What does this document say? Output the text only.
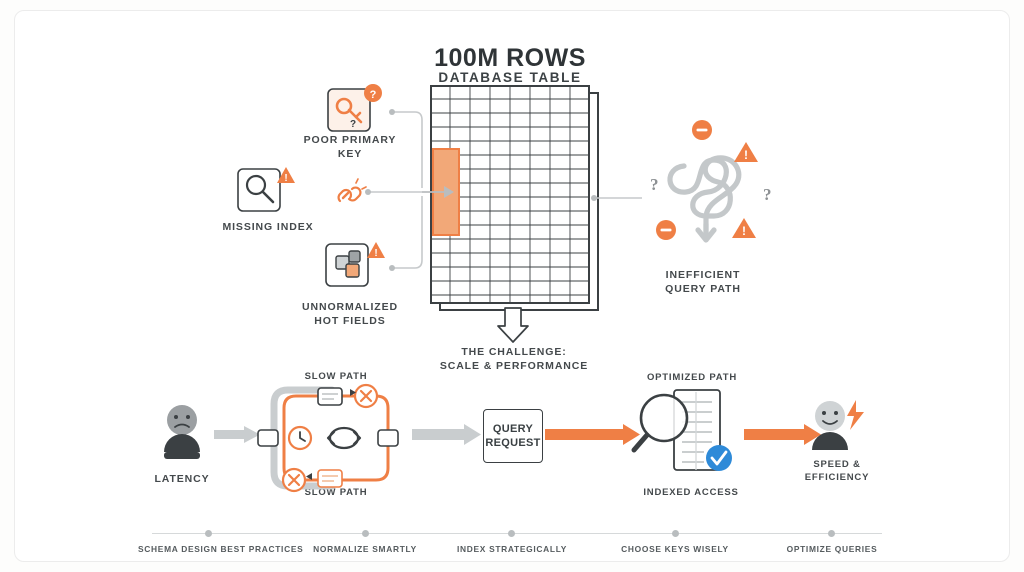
100M ROWS
DATABASE TABLE
?
?
POOR PRIMARY
KEY
!
MISSING INDEX
!
UNNORMALIZED
HOT FIELDS
!
!
?
?
INEFFICIENT
QUERY PATH
THE CHALLENGE:
SCALE & PERFORMANCE
LATENCY
SLOW PATH
SLOW PATH
QUERY
REQUEST
OPTIMIZED PATH
INDEXED ACCESS
SPEED &
EFFICIENCY
SCHEMA DESIGN BEST PRACTICES	NORMALIZE SMARTLY	INDEX STRATEGICALLY	CHOOSE KEYS WISELY	OPTIMIZE QUERIES
